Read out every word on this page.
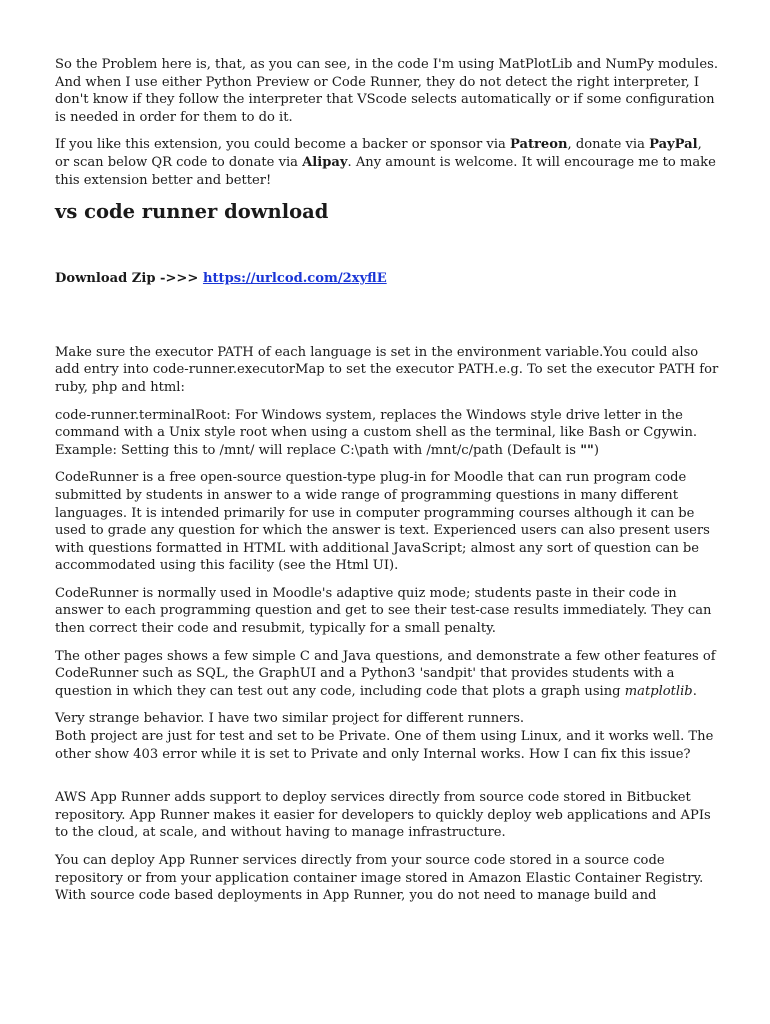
So the Problem here is, that, as you can see, in the code I'm using MatPlotLib and NumPy modules. And when I use either Python Preview or Code Runner, they do not detect the right interpreter, I don't know if they follow the interpreter that VScode selects automatically or if some configuration is needed in order for them to do it.

If you like this extension, you could become a backer or sponsor via Patreon, donate via PayPal, or scan below QR code to donate via Alipay. Any amount is welcome. It will encourage me to make this extension better and better!

vs code runner download
Download Zip ->>> https://urlcod.com/2xyflE

Make sure the executor PATH of each language is set in the environment variable.You could also add entry into code-runner.executorMap to set the executor PATH.e.g. To set the executor PATH for ruby, php and html:

code-runner.terminalRoot: For Windows system, replaces the Windows style drive letter in the command with a Unix style root when using a custom shell as the terminal, like Bash or Cgywin. Example: Setting this to /mnt/ will replace C:\path with /mnt/c/path (Default is "")

CodeRunner is a free open-source question-type plug-in for Moodle that can run program code submitted by students in answer to a wide range of programming questions in many different languages. It is intended primarily for use in computer programming courses although it can be used to grade any question for which the answer is text. Experienced users can also present users with questions formatted in HTML with additional JavaScript; almost any sort of question can be accommodated using this facility (see the Html UI).

CodeRunner is normally used in Moodle's adaptive quiz mode; students paste in their code in answer to each programming question and get to see their test-case results immediately. They can then correct their code and resubmit, typically for a small penalty.

The other pages shows a few simple C and Java questions, and demonstrate a few other features of CodeRunner such as SQL, the GraphUI and a Python3 'sandpit' that provides students with a question in which they can test out any code, including code that plots a graph using matplotlib.

Very strange behavior. I have two similar project for different runners.
Both project are just for test and set to be Private. One of them using Linux, and it works well. The other show 403 error while it is set to Private and only Internal works. How I can fix this issue?

AWS App Runner adds support to deploy services directly from source code stored in Bitbucket repository. App Runner makes it easier for developers to quickly deploy web applications and APIs to the cloud, at scale, and without having to manage infrastructure.

You can deploy App Runner services directly from your source code stored in a source code repository or from your application container image stored in Amazon Elastic Container Registry. With source code based deployments in App Runner, you do not need to manage build and
